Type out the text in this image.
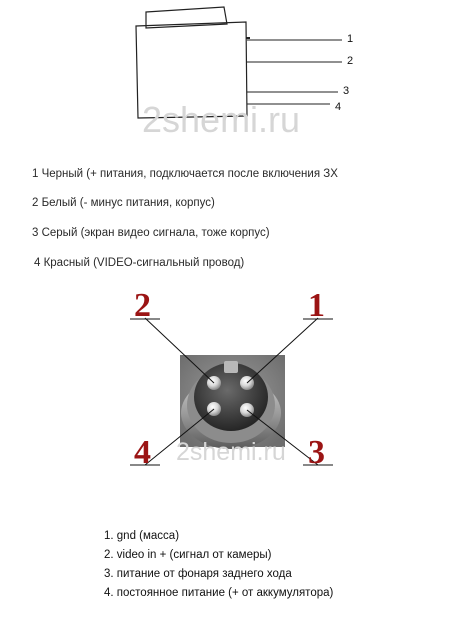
1
2
3
4
2shemi.ru
1 Черный (+ питания, подключается после включения ЗХ
2 Белый (- минус питания, корпус)
3 Серый (экран видео сигнала, тоже корпус)
4 Красный (VIDEO-сигнальный провод)
1
2
3
4 2shemi.ru
1. gnd (масса)
2. video in + (сигнал от камеры)
3. питание от фонаря заднего хода
4. постоянное питание (+ от аккумулятора)
